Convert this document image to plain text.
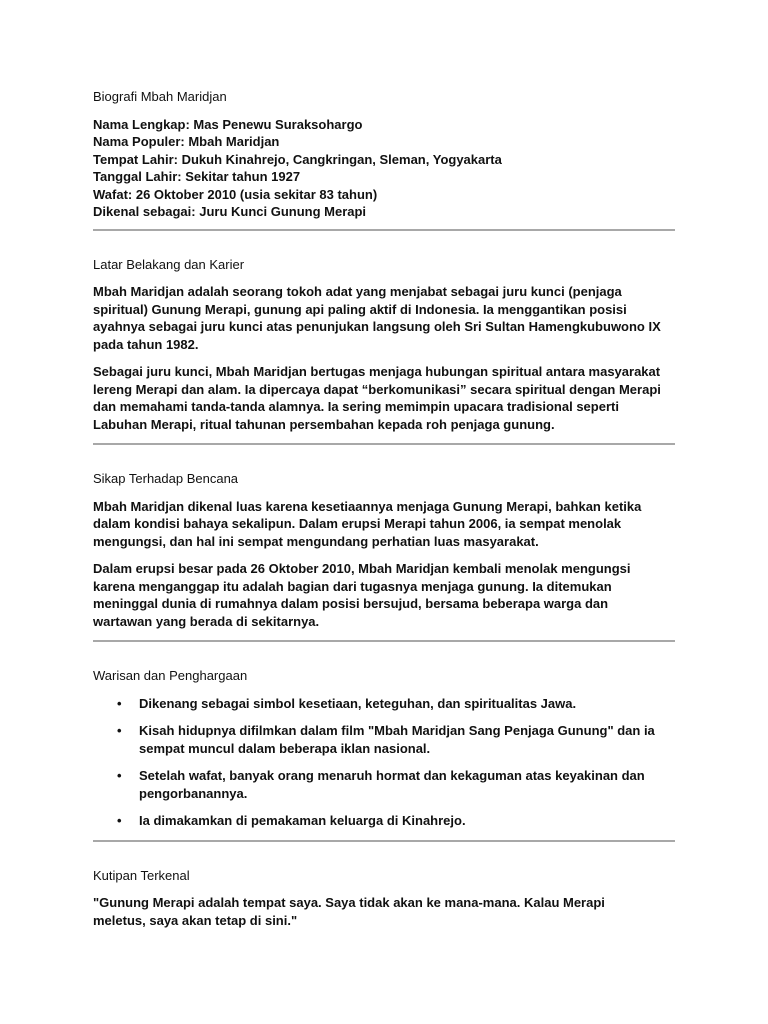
Biografi Mbah Maridjan
Nama Lengkap: Mas Penewu Suraksohargo
Nama Populer: Mbah Maridjan
Tempat Lahir: Dukuh Kinahrejo, Cangkringan, Sleman, Yogyakarta
Tanggal Lahir: Sekitar tahun 1927
Wafat: 26 Oktober 2010 (usia sekitar 83 tahun)
Dikenal sebagai: Juru Kunci Gunung Merapi
Latar Belakang dan Karier

Mbah Maridjan adalah seorang tokoh adat yang menjabat sebagai juru kunci (penjaga spiritual) Gunung Merapi, gunung api paling aktif di Indonesia. Ia menggantikan posisi ayahnya sebagai juru kunci atas penunjukan langsung oleh Sri Sultan Hamengkubuwono IX pada tahun 1982.

Sebagai juru kunci, Mbah Maridjan bertugas menjaga hubungan spiritual antara masyarakat lereng Merapi dan alam. Ia dipercaya dapat “berkomunikasi” secara spiritual dengan Merapi dan memahami tanda-tanda alamnya. Ia sering memimpin upacara tradisional seperti Labuhan Merapi, ritual tahunan persembahan kepada roh penjaga gunung.

Sikap Terhadap Bencana

Mbah Maridjan dikenal luas karena kesetiaannya menjaga Gunung Merapi, bahkan ketika dalam kondisi bahaya sekalipun. Dalam erupsi Merapi tahun 2006, ia sempat menolak mengungsi, dan hal ini sempat mengundang perhatian luas masyarakat.

Dalam erupsi besar pada 26 Oktober 2010, Mbah Maridjan kembali menolak mengungsi karena menganggap itu adalah bagian dari tugasnya menjaga gunung. Ia ditemukan meninggal dunia di rumahnya dalam posisi bersujud, bersama beberapa warga dan wartawan yang berada di sekitarnya.

Warisan dan Penghargaan
• Dikenang sebagai simbol kesetiaan, keteguhan, dan spiritualitas Jawa.
• Kisah hidupnya difilmkan dalam film "Mbah Maridjan Sang Penjaga Gunung" dan ia sempat muncul dalam beberapa iklan nasional.
• Setelah wafat, banyak orang menaruh hormat dan kekaguman atas keyakinan dan pengorbanannya.
• Ia dimakamkan di pemakaman keluarga di Kinahrejo.
Kutipan Terkenal

"Gunung Merapi adalah tempat saya. Saya tidak akan ke mana-mana. Kalau Merapi meletus, saya akan tetap di sini."
